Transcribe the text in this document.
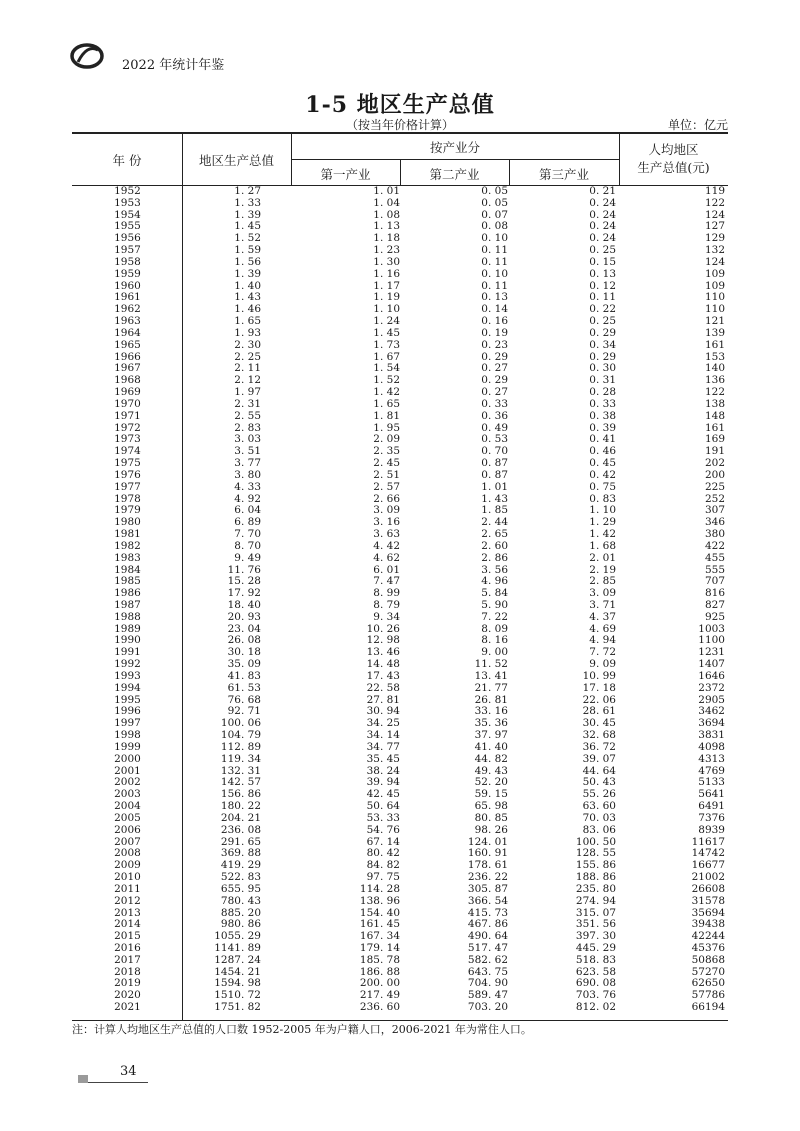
2022 年统计年鉴
1-5 地区生产总值
（按当年价格计算）	单位：亿元
年 份	地区生产总值
按产业分
第一产业	第二产业	第三产业
人均地区
生产总值(元)
1952	1. 27	1. 01	0. 05	0. 21	119
1953	1. 33	1. 04	0. 05	0. 24	122
1954	1. 39	1. 08	0. 07	0. 24	124
1955	1. 45	1. 13	0. 08	0. 24	127
1956	1. 52	1. 18	0. 10	0. 24	129
1957	1. 59	1. 23	0. 11	0. 25	132
1958	1. 56	1. 30	0. 11	0. 15	124
1959	1. 39	1. 16	0. 10	0. 13	109
1960	1. 40	1. 17	0. 11	0. 12	109
1961	1. 43	1. 19	0. 13	0. 11	110
1962	1. 46	1. 10	0. 14	0. 22	110
1963	1. 65	1. 24	0. 16	0. 25	121
1964	1. 93	1. 45	0. 19	0. 29	139
1965	2. 30	1. 73	0. 23	0. 34	161
1966	2. 25	1. 67	0. 29	0. 29	153
1967	2. 11	1. 54	0. 27	0. 30	140
1968	2. 12	1. 52	0. 29	0. 31	136
1969	1. 97	1. 42	0. 27	0. 28	122
1970	2. 31	1. 65	0. 33	0. 33	138
1971	2. 55	1. 81	0. 36	0. 38	148
1972	2. 83	1. 95	0. 49	0. 39	161
1973	3. 03	2. 09	0. 53	0. 41	169
1974	3. 51	2. 35	0. 70	0. 46	191
1975	3. 77	2. 45	0. 87	0. 45	202
1976	3. 80	2. 51	0. 87	0. 42	200
1977	4. 33	2. 57	1. 01	0. 75	225
1978	4. 92	2. 66	1. 43	0. 83	252
1979	6. 04	3. 09	1. 85	1. 10	307
1980	6. 89	3. 16	2. 44	1. 29	346
1981	7. 70	3. 63	2. 65	1. 42	380
1982	8. 70	4. 42	2. 60	1. 68	422
1983	9. 49	4. 62	2. 86	2. 01	455
1984	11. 76	6. 01	3. 56	2. 19	555
1985	15. 28	7. 47	4. 96	2. 85	707
1986	17. 92	8. 99	5. 84	3. 09	816
1987	18. 40	8. 79	5. 90	3. 71	827
1988	20. 93	9. 34	7. 22	4. 37	925
1989	23. 04	10. 26	8. 09	4. 69	1003
1990	26. 08	12. 98	8. 16	4. 94	1100
1991	30. 18	13. 46	9. 00	7. 72	1231
1992	35. 09	14. 48	11. 52	9. 09	1407
1993	41. 83	17. 43	13. 41	10. 99	1646
1994	61. 53	22. 58	21. 77	17. 18	2372
1995	76. 68	27. 81	26. 81	22. 06	2905
1996	92. 71	30. 94	33. 16	28. 61	3462
1997	100. 06	34. 25	35. 36	30. 45	3694
1998	104. 79	34. 14	37. 97	32. 68	3831
1999	112. 89	34. 77	41. 40	36. 72	4098
2000	119. 34	35. 45	44. 82	39. 07	4313
2001	132. 31	38. 24	49. 43	44. 64	4769
2002	142. 57	39. 94	52. 20	50. 43	5133
2003	156. 86	42. 45	59. 15	55. 26	5641
2004	180. 22	50. 64	65. 98	63. 60	6491
2005	204. 21	53. 33	80. 85	70. 03	7376
2006	236. 08	54. 76	98. 26	83. 06	8939
2007	291. 65	67. 14	124. 01	100. 50	11617
2008	369. 88	80. 42	160. 91	128. 55	14742
2009	419. 29	84. 82	178. 61	155. 86	16677
2010	522. 83	97. 75	236. 22	188. 86	21002
2011	655. 95	114. 28	305. 87	235. 80	26608
2012	780. 43	138. 96	366. 54	274. 94	31578
2013	885. 20	154. 40	415. 73	315. 07	35694
2014	980. 86	161. 45	467. 86	351. 56	39438
2015	1055. 29	167. 34	490. 64	397. 30	42244
2016	1141. 89	179. 14	517. 47	445. 29	45376
2017	1287. 24	185. 78	582. 62	518. 83	50868
2018	1454. 21	186. 88	643. 75	623. 58	57270
2019	1594. 98	200. 00	704. 90	690. 08	62650
2020	1510. 72	217. 49	589. 47	703. 76	57786
2021	1751. 82	236. 60	703. 20	812. 02	66194
注：计算人均地区生产总值的人口数 1952-2005 年为户籍人口，2006-2021 年为常住人口。
34
